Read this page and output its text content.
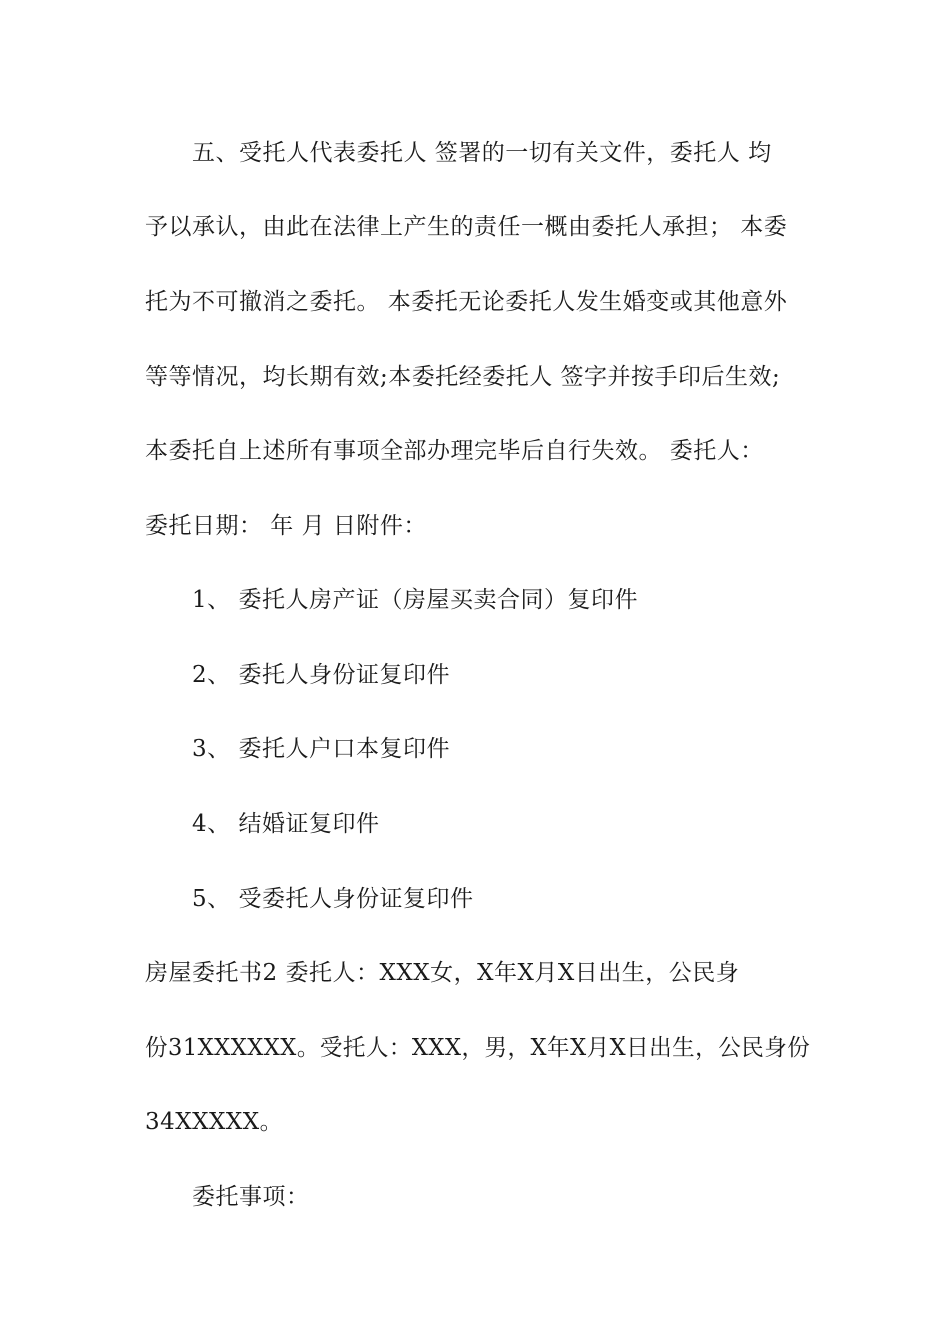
五、受托人代表委托人 签署的一切有关文件，委托人 均
予以承认，由此在法律上产生的责任一概由委托人承担； 本委
托为不可撤消之委托。 本委托无论委托人发生婚变或其他意外
等等情况，均长期有效;本委托经委托人 签字并按手印后生效;
本委托自上述所有事项全部办理完毕后自行失效。 委托人：
委托日期： 年 月 日附件：
1、 委托人房产证（房屋买卖合同）复印件
2、 委托人身份证复印件
3、 委托人户口本复印件
4、 结婚证复印件
5、 受委托人身份证复印件
房屋委托书2 委托人：XXX女，X年X月X日出生，公民身
份31XXXXXX。受托人：XXX，男，X年X月X日出生，公民身份
34XXXXX。
委托事项：
